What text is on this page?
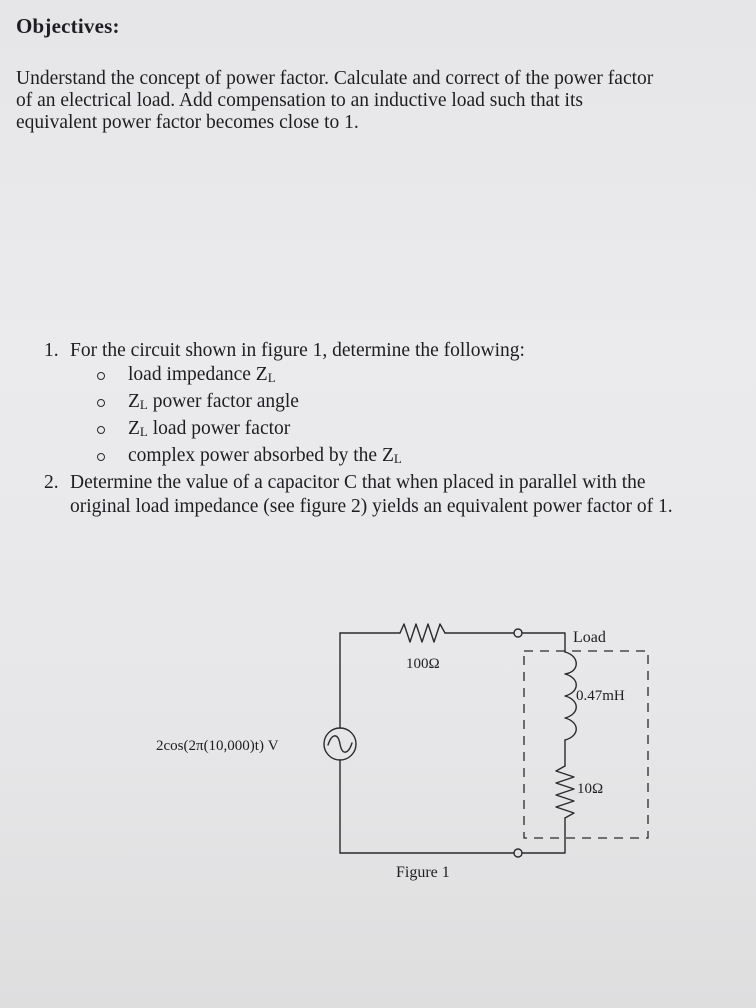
Objectives:
Understand the concept of power factor. Calculate and correct of the power factor
of an electrical load. Add compensation to an inductive load such that its
equivalent power factor becomes close to 1.
1. For the circuit shown in figure 1, determine the following:
load impedance $Z_L$
$Z_L$ power factor angle
$Z_L$ load power factor
complex power absorbed by the $Z_L$
2. Determine the value of a capacitor C that when placed in parallel with the
original load impedance (see figure 2) yields an equivalent power factor of 1.
100Ω
Load
0.47mH
10Ω
2cos(2π(10,000)t) V
Figure 1
